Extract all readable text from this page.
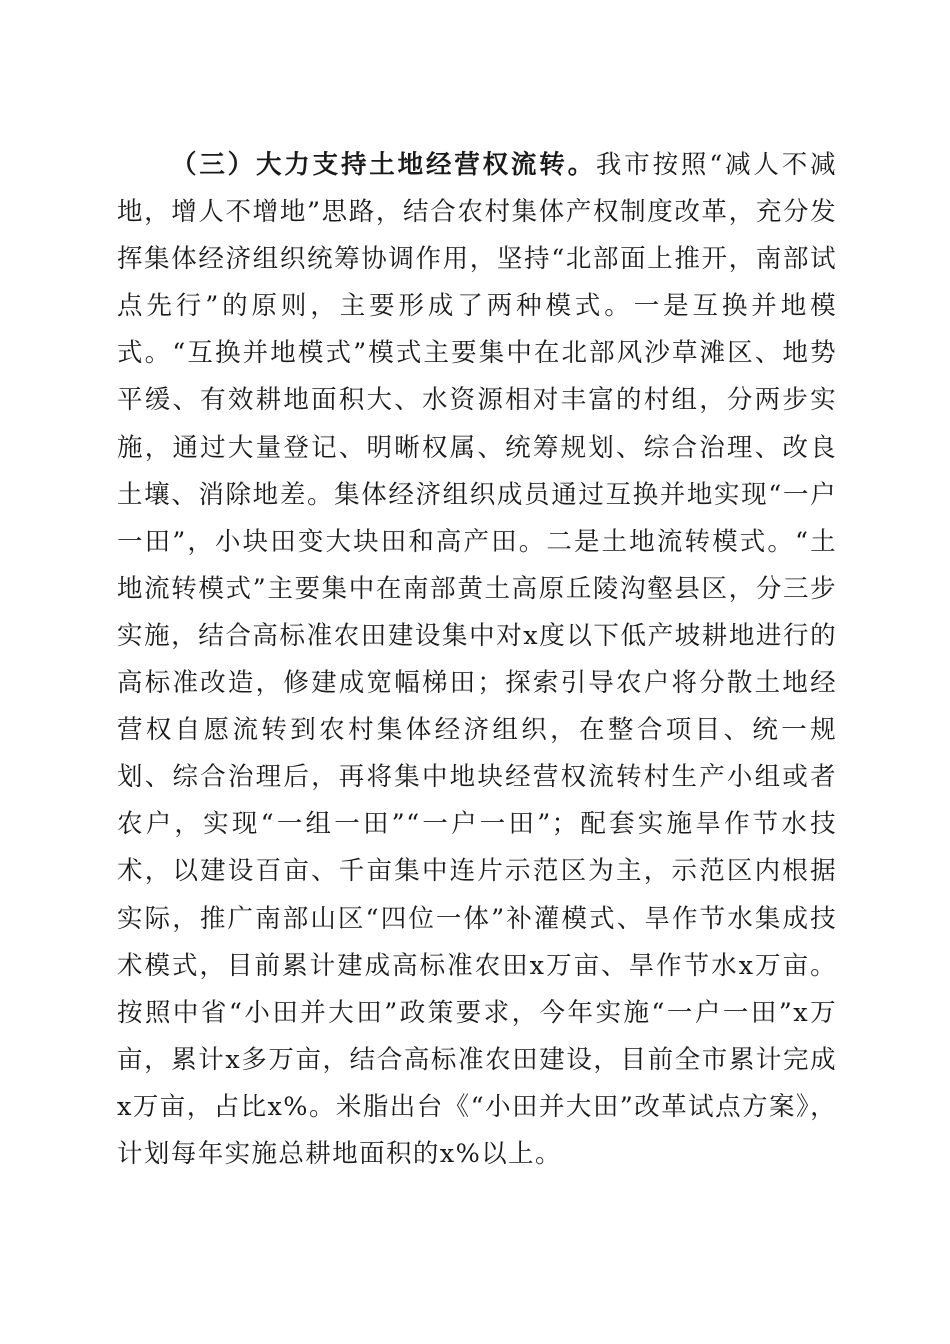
（三）大力支持土地经营权流转。我市按照“减人不减地，增人不增地”思路，结合农村集体产权制度改革，充分发挥集体经济组织统筹协调作用，坚持“北部面上推开，南部试点先行”的原则，主要形成了两种模式。一是互换并地模式。“互换并地模式”模式主要集中在北部风沙草滩区、地势平缓、有效耕地面积大、水资源相对丰富的村组，分两步实施，通过大量登记、明晰权属、统筹规划、综合治理、改良土壤、消除地差。集体经济组织成员通过互换并地实现“一户一田”，小块田变大块田和高产田。二是土地流转模式。“土地流转模式”主要集中在南部黄土高原丘陵沟壑县区，分三步实施，结合高标准农田建设集中对x度以下低产坡耕地进行的高标准改造，修建成宽幅梯田；探索引导农户将分散土地经营权自愿流转到农村集体经济组织，在整合项目、统一规划、综合治理后，再将集中地块经营权流转村生产小组或者农户，实现“一组一田”“一户一田”；配套实施旱作节水技术，以建设百亩、千亩集中连片示范区为主，示范区内根据实际，推广南部山区“四位一体”补灌模式、旱作节水集成技术模式，目前累计建成高标准农田x万亩、旱作节水x万亩。按照中省“小田并大田”政策要求，今年实施“一户一田”x万亩，累计x多万亩，结合高标准农田建设，目前全市累计完成x万亩，占比x%。米脂出台《“小田并大田”改革试点方案》，计划每年实施总耕地面积的x%以上。
